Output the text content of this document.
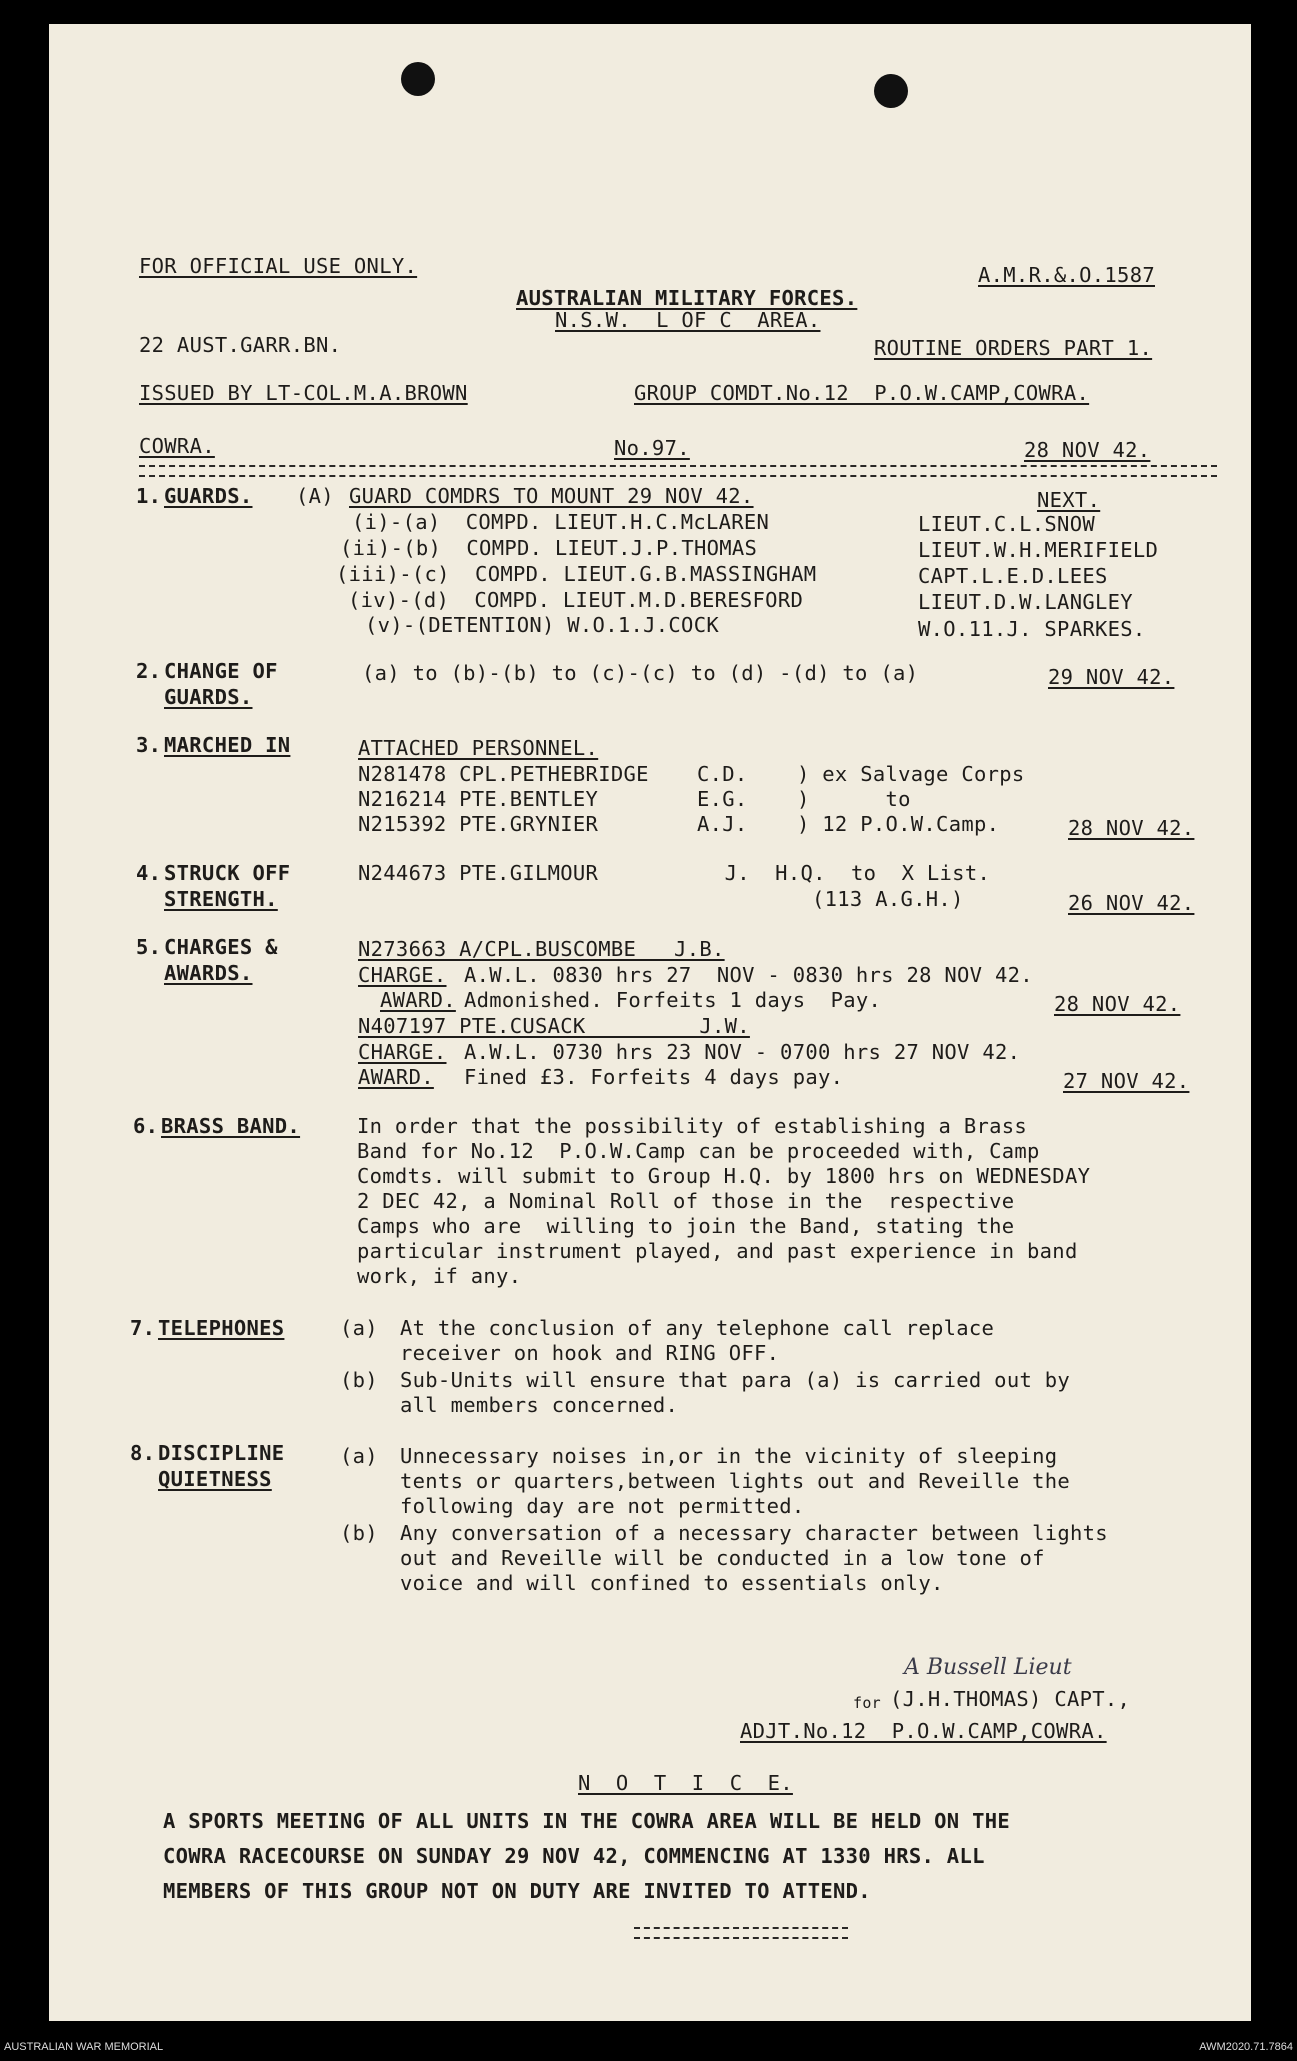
FOR OFFICIAL USE ONLY.	A.M.R.&.O.1587
AUSTRALIAN MILITARY FORCES.
N.S.W.  L OF C  AREA.
22 AUST.GARR.BN.	ROUTINE ORDERS PART 1.
ISSUED BY LT-COL.M.A.BROWN	GROUP COMDT.No.12  P.O.W.CAMP,COWRA.
COWRA.	No.97.	28 NOV 42.
1. GUARDS. (A) GUARD COMDRS TO MOUNT 29 NOV 42.	NEXT.
(i)-(a)  COMPD. LIEUT.H.C.McLAREN	LIEUT.C.L.SNOW
(ii)-(b)  COMPD. LIEUT.J.P.THOMAS	LIEUT.W.H.MERIFIELD
(iii)-(c)  COMPD. LIEUT.G.B.MASSINGHAM	CAPT.L.E.D.LEES
(iv)-(d)  COMPD. LIEUT.M.D.BERESFORD	LIEUT.D.W.LANGLEY
(v)-(DETENTION) W.O.1.J.COCK	W.O.11.J. SPARKES.
2. CHANGE OF
GUARDS.
(a) to (b)-(b) to (c)-(c) to (d) -(d) to (a)	29 NOV 42.
3. MARCHED IN	ATTACHED PERSONNEL.
N281478 CPL.PETHEBRIDGE C.D. ) ex Salvage Corps
N216214 PTE.BENTLEY	E.G. )      to
N215392 PTE.GRYNIER	A.J. ) 12 P.O.W.Camp.	28 NOV 42.
4. STRUCK OFF
STRENGTH.
N244673 PTE.GILMOUR          J.  H.Q.  to  X List.
(113 A.G.H.)	26 NOV 42.
5. CHARGES &
AWARDS.
N273663 A/CPL.BUSCOMBE   J.B.
CHARGE. A.W.L. 0830 hrs 27  NOV - 0830 hrs 28 NOV 42.
AWARD. Admonished. Forfeits 1 days  Pay.	28 NOV 42.
N407197 PTE.CUSACK         J.W.
CHARGE. A.W.L. 0730 hrs 23 NOV - 0700 hrs 27 NOV 42.
AWARD. Fined £3. Forfeits 4 days pay.	27 NOV 42.
6. BRASS BAND.	In order that the possibility of establishing a Brass
Band for No.12  P.O.W.Camp can be proceeded with, Camp
Comdts. will submit to Group H.Q. by 1800 hrs on WEDNESDAY
2 DEC 42, a Nominal Roll of those in the  respective
Camps who are  willing to join the Band, stating the
particular instrument played, and past experience in band
work, if any.
7. TELEPHONES	(a) At the conclusion of any telephone call replace
receiver on hook and RING OFF.
(b) Sub-Units will ensure that para (a) is carried out by
all members concerned.
8. DISCIPLINE
QUIETNESS
(a) Unnecessary noises in,or in the vicinity of sleeping
tents or quarters,between lights out and Reveille the
following day are not permitted.
(b) Any conversation of a necessary character between lights
out and Reveille will be conducted in a low tone of
voice and will confined to essentials only.
A Bussell Lieut
for (J.H.THOMAS) CAPT.,
ADJT.No.12  P.O.W.CAMP,COWRA.
N  O  T  I  C  E.
A SPORTS MEETING OF ALL UNITS IN THE COWRA AREA WILL BE HELD ON THE
COWRA RACECOURSE ON SUNDAY 29 NOV 42, COMMENCING AT 1330 HRS. ALL
MEMBERS OF THIS GROUP NOT ON DUTY ARE INVITED TO ATTEND.
AUSTRALIAN WAR MEMORIAL	AWM2020.71.7864
